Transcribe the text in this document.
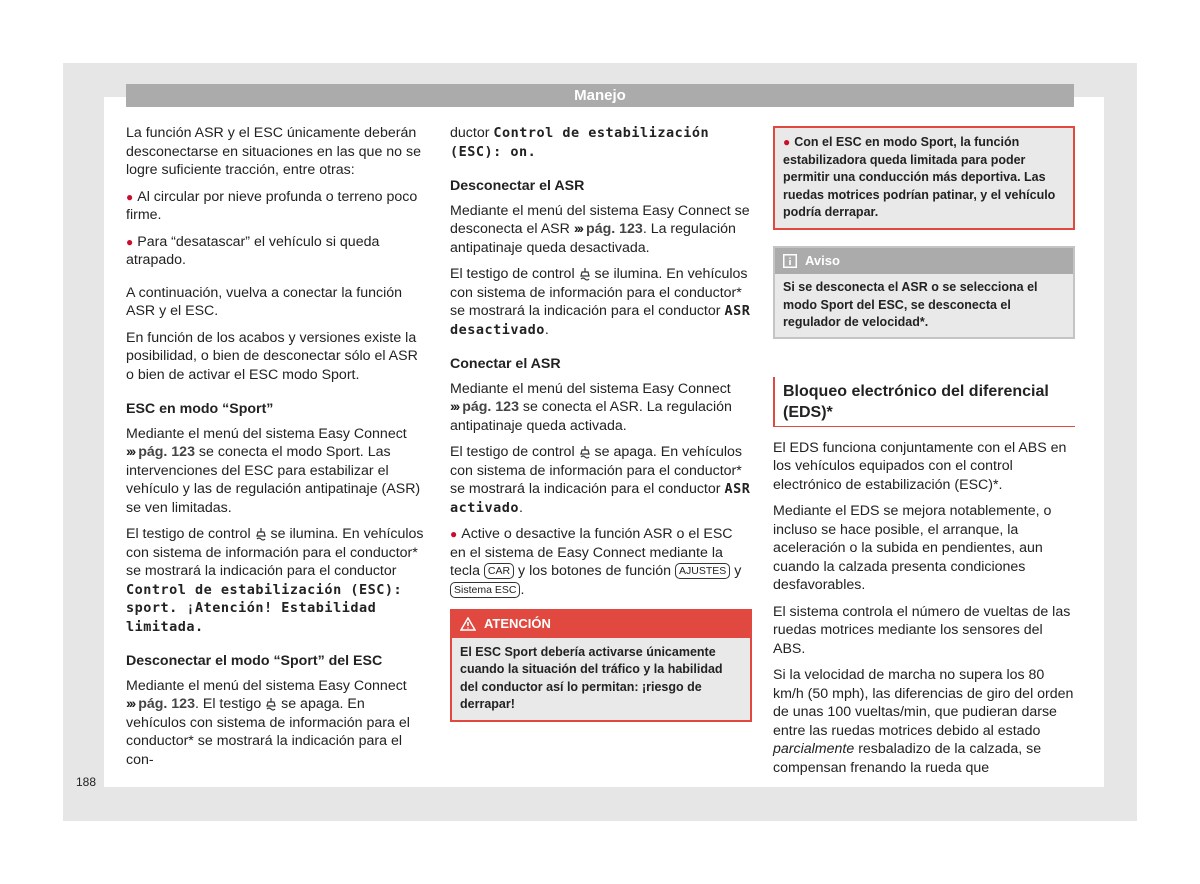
Manejo

La función ASR y el ESC únicamente deberán desconectarse en situaciones en las que no se logre suficiente tracción, entre otras:

● Al circular por nieve profunda o terreno poco firme.

● Para “desatascar” el vehículo si queda atrapado.

A continuación, vuelva a conectar la función ASR y el ESC.

En función de los acabos y versiones existe la posibilidad, o bien de desconectar sólo el ASR o bien de activar el ESC modo Sport.

ESC en modo “Sport”

Mediante el menú del sistema Easy Connect ››› pág. 123 se conecta el modo Sport. Las intervenciones del ESC para estabilizar el vehículo y las de regulación antipatinaje (ASR) se ven limitadas.

El testigo de control se ilumina. En vehículos con sistema de información para el conductor* se mostrará la indicación para el conductor Control de estabilización (ESC): sport. ¡Atención! Estabilidad limitada.

Desconectar el modo “Sport” del ESC

Mediante el menú del sistema Easy Connect ››› pág. 123. El testigo se apaga. En vehículos con sistema de información para el conductor* se mostrará la indicación para el con-

ductor Control de estabilización (ESC): on.

Desconectar el ASR

Mediante el menú del sistema Easy Connect se desconecta el ASR ››› pág. 123. La regulación antipatinaje queda desactivada.

El testigo de control se ilumina. En vehículos con sistema de información para el conductor* se mostrará la indicación para el conductor ASR desactivado.

Conectar el ASR

Mediante el menú del sistema Easy Connect ››› pág. 123 se conecta el ASR. La regulación antipatinaje queda activada.

El testigo de control se apaga. En vehículos con sistema de información para el conductor* se mostrará la indicación para el conductor ASR activado.

● Active o desactive la función ASR o el ESC en el sistema de Easy Connect mediante la tecla CAR y los botones de función AJUSTES y Sistema ESC .

ATENCIÓN
El ESC Sport debería activarse únicamente cuando la situación del tráfico y la habilidad del conductor así lo permitan: ¡riesgo de derrapar!
● Con el ESC en modo Sport, la función estabilizadora queda limitada para poder permitir una conducción más deportiva. Las ruedas motrices podrían patinar, y el vehículo podría derrapar.
Aviso
Si se desconecta el ASR o se selecciona el modo Sport del ESC, se desconecta el regulador de velocidad*.
Bloqueo electrónico del diferencial (EDS)*

El EDS funciona conjuntamente con el ABS en los vehículos equipados con el control electrónico de estabilización (ESC)*.

Mediante el EDS se mejora notablemente, o incluso se hace posible, el arranque, la aceleración o la subida en pendientes, aun cuando la calzada presenta condiciones desfavorables.

El sistema controla el número de vueltas de las ruedas motrices mediante los sensores del ABS.

Si la velocidad de marcha no supera los 80 km/h (50 mph), las diferencias de giro del orden de unas 100 vueltas/min, que pudieran darse entre las ruedas motrices debido al estado parcialmente resbaladizo de la calzada, se compensan frenando la rueda que

188
